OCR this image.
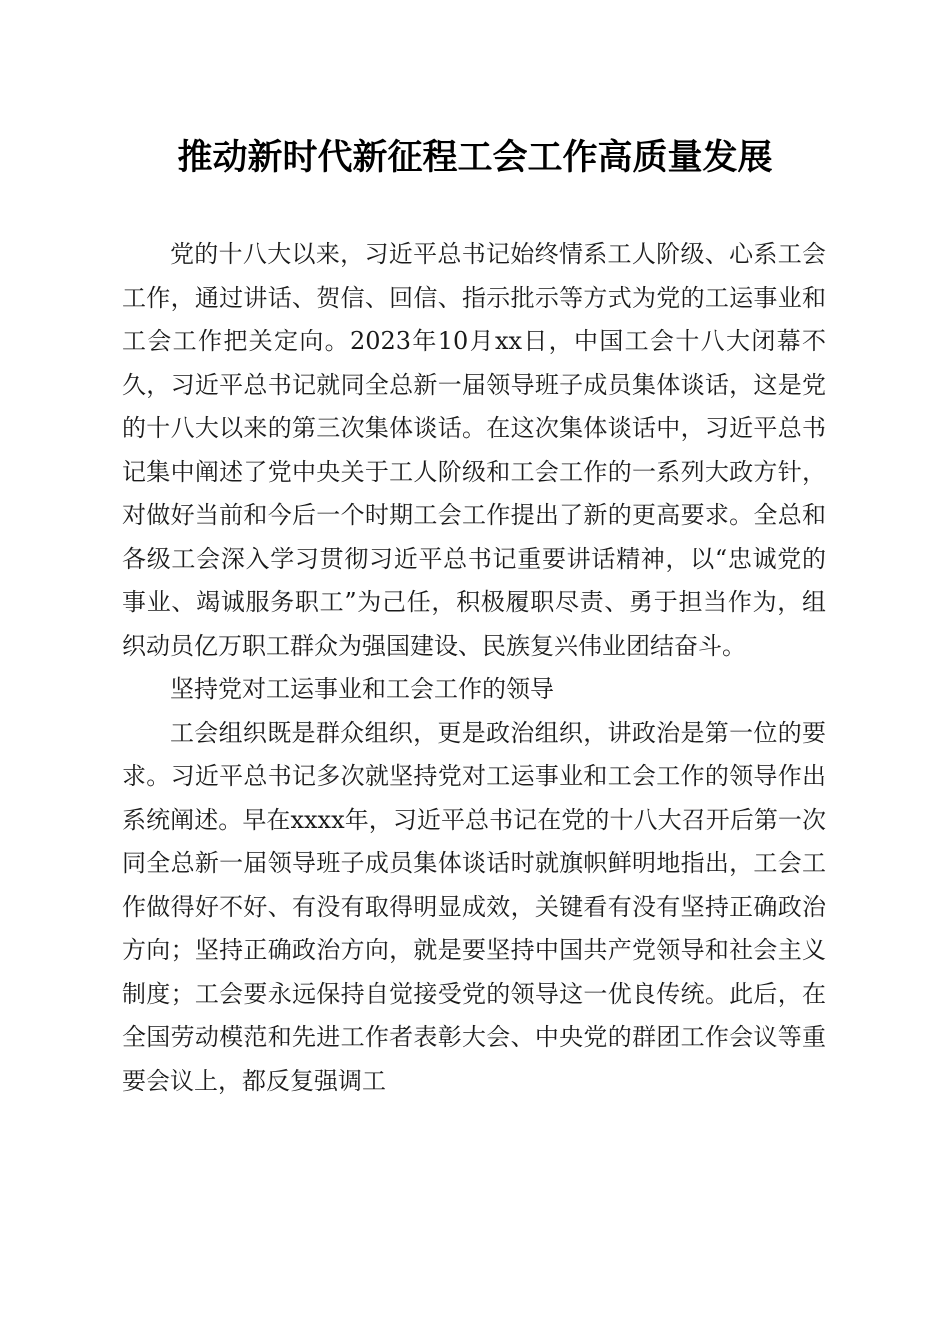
推动新时代新征程工会工作高质量发展

党的十八大以来，习近平总书记始终情系工人阶级、心系工会工作，通过讲话、贺信、回信、指示批示等方式为党的工运事业和工会工作把关定向。2023年10月xx日，中国工会十八大闭幕不久，习近平总书记就同全总新一届领导班子成员集体谈话，这是党的十八大以来的第三次集体谈话。在这次集体谈话中，习近平总书记集中阐述了党中央关于工人阶级和工会工作的一系列大政方针，对做好当前和今后一个时期工会工作提出了新的更高要求。全总和各级工会深入学习贯彻习近平总书记重要讲话精神，以“忠诚党的事业、竭诚服务职工”为己任，积极履职尽责、勇于担当作为，组织动员亿万职工群众为强国建设、民族复兴伟业团结奋斗。

坚持党对工运事业和工会工作的领导

工会组织既是群众组织，更是政治组织，讲政治是第一位的要求。习近平总书记多次就坚持党对工运事业和工会工作的领导作出系统阐述。早在xxxx年，习近平总书记在党的十八大召开后第一次同全总新一届领导班子成员集体谈话时就旗帜鲜明地指出，工会工作做得好不好、有没有取得明显成效，关键看有没有坚持正确政治方向；坚持正确政治方向，就是要坚持中国共产党领导和社会主义制度；工会要永远保持自觉接受党的领导这一优良传统。此后，在全国劳动模范和先进工作者表彰大会、中央党的群团工作会议等重要会议上，都反复强调工
